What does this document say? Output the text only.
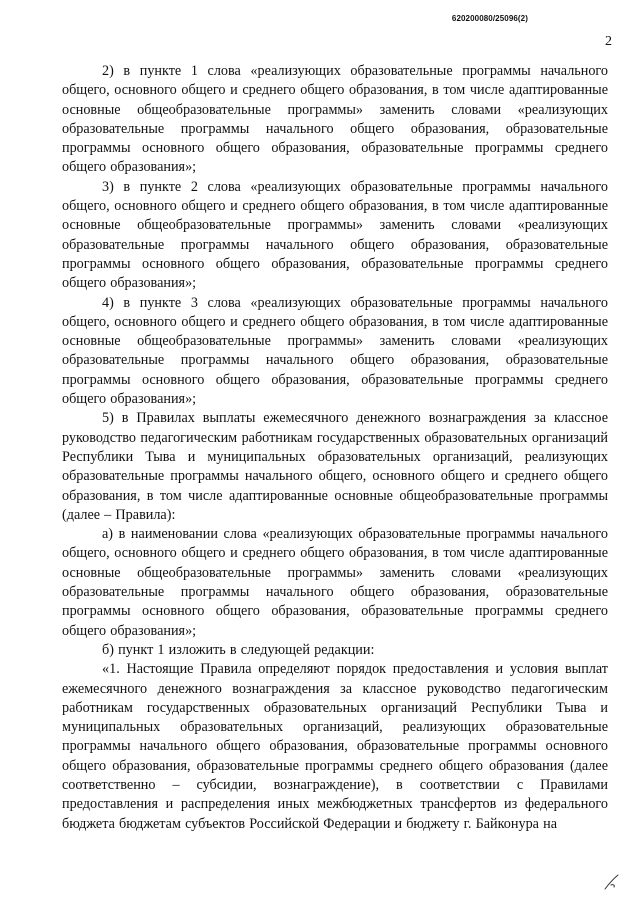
620200080/25096(2)
2

2) в пункте 1 слова «реализующих образовательные программы начального общего, основного общего и среднего общего образования, в том числе адаптированные основные общеобразовательные программы» заменить словами «реализующих образовательные программы начального общего образования, образовательные программы основного общего образования, образовательные программы среднего общего образования»;

3) в пункте 2 слова «реализующих образовательные программы начального общего, основного общего и среднего общего образования, в том числе адаптированные основные общеобразовательные программы» заменить словами «реализующих образовательные программы начального общего образования, образовательные программы основного общего образования, образовательные программы среднего общего образования»;

4) в пункте 3 слова «реализующих образовательные программы начального общего, основного общего и среднего общего образования, в том числе адаптированные основные общеобразовательные программы» заменить словами «реализующих образовательные программы начального общего образования, образовательные программы основного общего образования, образовательные программы среднего общего образования»;

5) в Правилах выплаты ежемесячного денежного вознаграждения за классное руководство педагогическим работникам государственных образовательных организаций Республики Тыва и муниципальных образовательных организаций, реализующих образовательные программы начального общего, основного общего и среднего общего образования, в том числе адаптированные основные общеобразовательные программы (далее – Правила):

а) в наименовании слова «реализующих образовательные программы начального общего, основного общего и среднего общего образования, в том числе адаптированные основные общеобразовательные программы» заменить словами «реализующих образовательные программы начального общего образования, образовательные программы основного общего образования, образовательные программы среднего общего образования»;

б) пункт 1 изложить в следующей редакции:

«1. Настоящие Правила определяют порядок предоставления и условия выплат ежемесячного денежного вознаграждения за классное руководство педагогическим работникам государственных образовательных организаций Республики Тыва и муниципальных образовательных организаций, реализующих образовательные программы начального общего образования, образовательные программы основного общего образования, образовательные программы среднего общего образования (далее соответственно – субсидии, вознаграждение), в соответствии с Правилами предоставления и распределения иных межбюджетных трансфертов из федерального бюджета бюджетам субъектов Российской Федерации и бюджету г. Байконура на
